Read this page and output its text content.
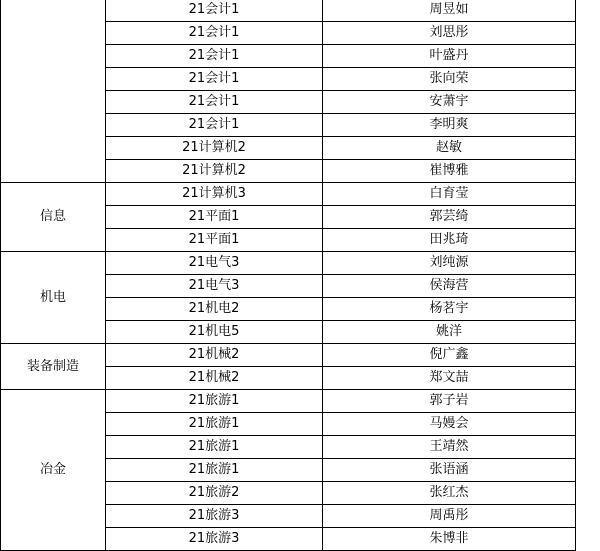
	21会计1	周昱如
	21会计1	刘思彤
	21会计1	叶盛丹
	21会计1	张向荣
	21会计1	安萧宇
	21会计1	李明爽
	21计算机2	赵敏
	21计算机2	崔博雅
信息	21计算机3	白育莹
	21平面1	郭芸绮
	21平面1	田兆琦
机电	21电气3	刘纯源
	21电气3	侯海营
	21机电2	杨茗宇
	21机电5	姚洋
装备制造	21机械2	倪广鑫
	21机械2	郑文喆
冶金	21旅游1	郭子岩
	21旅游1	马嫚会
	21旅游1	王靖然
	21旅游1	张语涵
	21旅游2	张红杰
	21旅游3	周禹彤
	21旅游3	朱博非
